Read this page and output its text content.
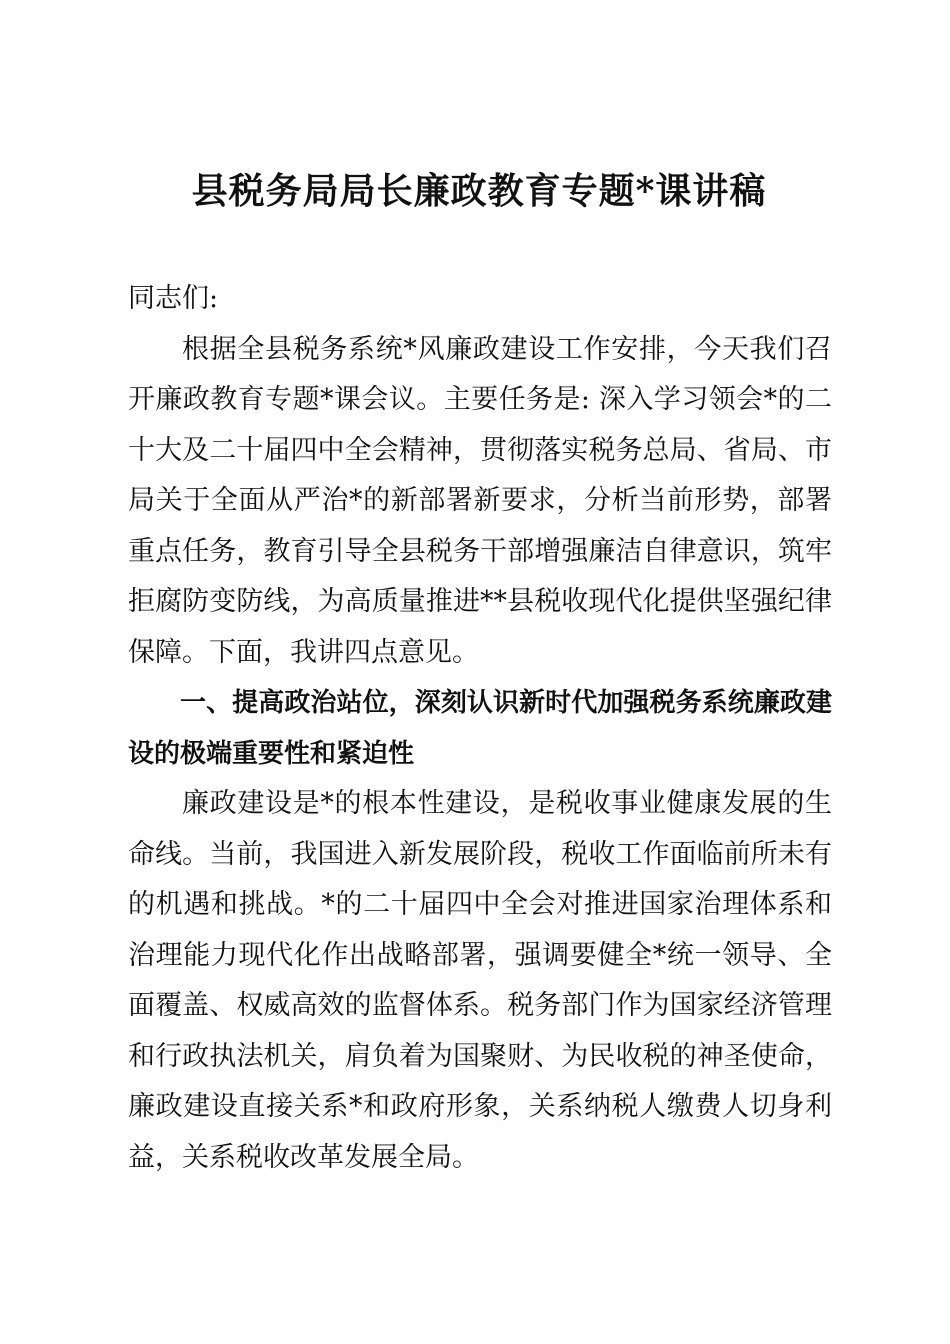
县税务局局长廉政教育专题*课讲稿

同志们:

根据全县税务系统*风廉政建设工作安排，今天我们召开廉政教育专题*课会议。主要任务是: 深入学习领会*的二十大及二十届四中全会精神，贯彻落实税务总局、省局、市局关于全面从严治*的新部署新要求，分析当前形势，部署重点任务，教育引导全县税务干部增强廉洁自律意识，筑牢拒腐防变防线，为高质量推进**县税收现代化提供坚强纪律保障。下面，我讲四点意见。

一、提高政治站位，深刻认识新时代加强税务系统廉政建设的极端重要性和紧迫性

廉政建设是*的根本性建设，是税收事业健康发展的生命线。当前，我国进入新发展阶段，税收工作面临前所未有的机遇和挑战。*的二十届四中全会对推进国家治理体系和治理能力现代化作出战略部署，强调要健全*统一领导、全面覆盖、权威高效的监督体系。税务部门作为国家经济管理和行政执法机关，肩负着为国聚财、为民收税的神圣使命，廉政建设直接关系*和政府形象，关系纳税人缴费人切身利益，关系税收改革发展全局。
